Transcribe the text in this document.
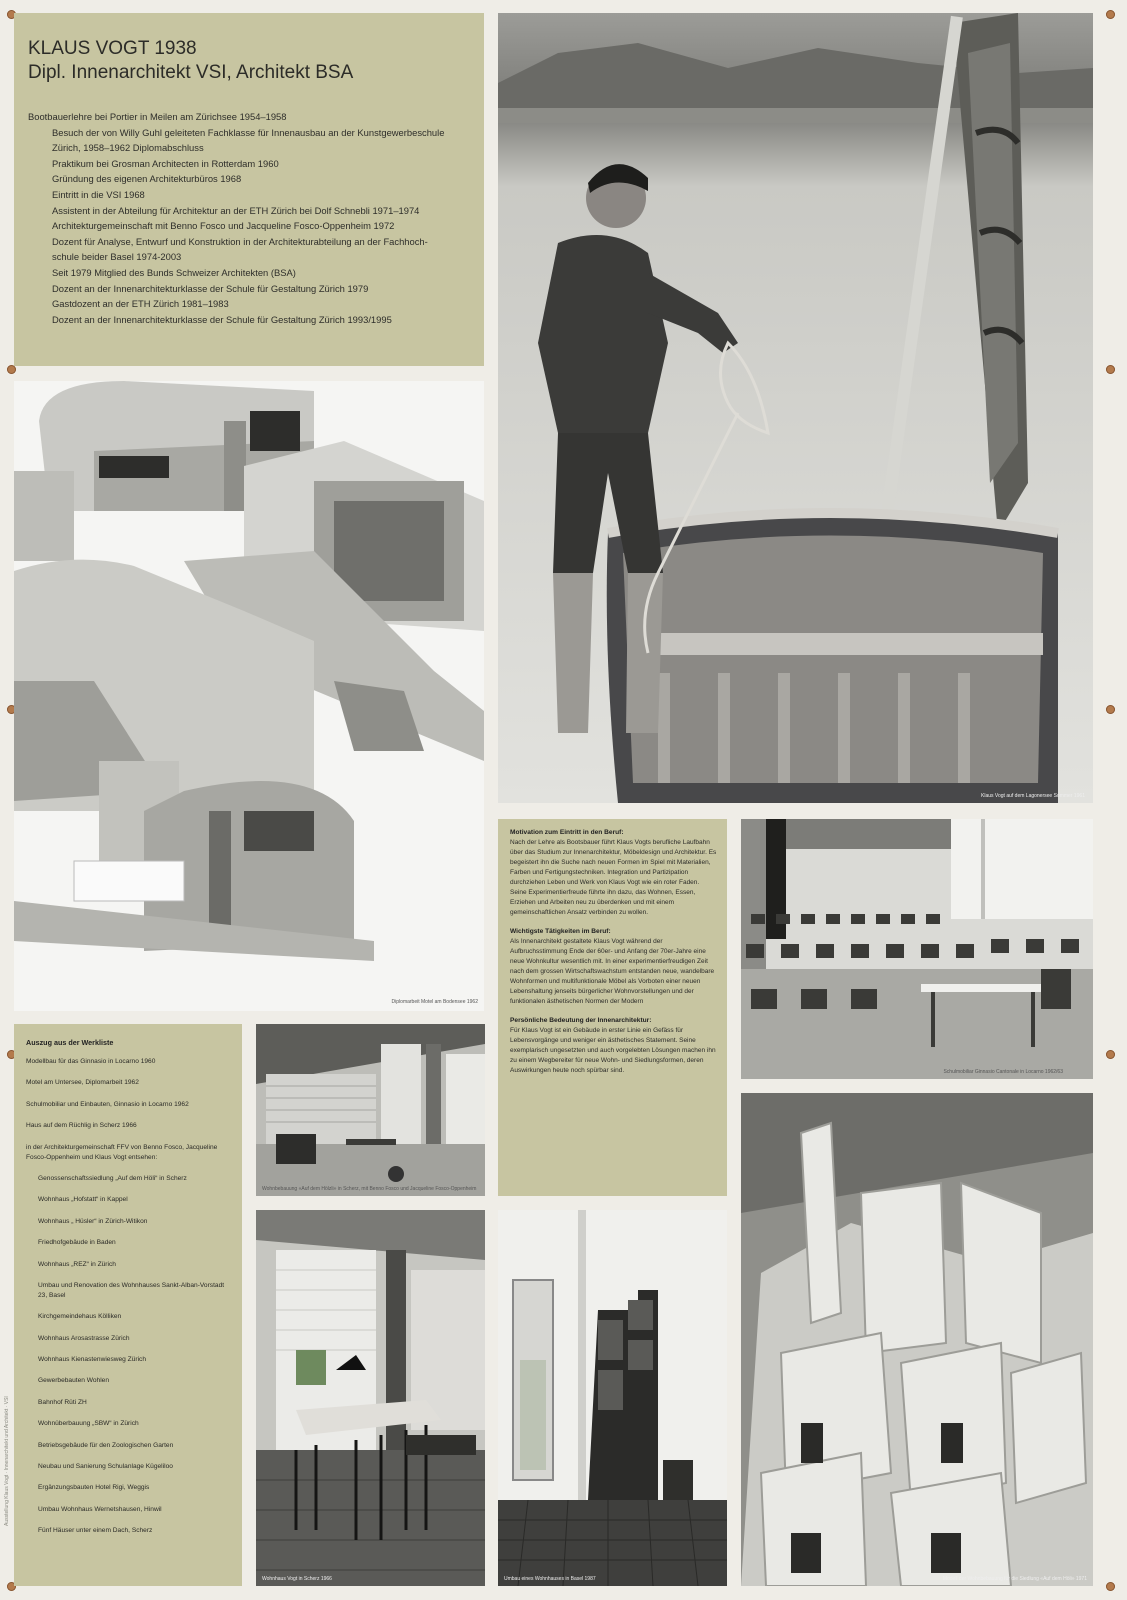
KLAUS VOGT 1938
Dipl. Innenarchitekt VSI, Architekt BSA
Bootbauerlehre bei Portier in Meilen am Zürichsee 1954–1958
Besuch der von Willy Guhl geleiteten Fachklasse für Innenausbau an der Kunstgewerbeschule
Zürich, 1958–1962 Diplomabschluss
Praktikum bei Grosman Architecten in Rotterdam 1960
Gründung des eigenen Architekturbüros 1968
Eintritt in die VSI 1968
Assistent in der Abteilung für Architektur an der ETH Zürich bei Dolf Schnebli 1971–1974
Architekturgemeinschaft mit Benno Fosco und Jacqueline Fosco-Oppenheim 1972
Dozent für Analyse, Entwurf und Konstruktion in der Architekturabteilung an der Fachhoch-
schule beider Basel 1974-2003
Seit 1979 Mitglied des Bunds Schweizer Architekten (BSA)
Dozent an der Innenarchitekturklasse der Schule für Gestaltung Zürich 1979
Gastdozent an der ETH Zürich 1981–1983
Dozent an der Innenarchitekturklasse der Schule für Gestaltung Zürich 1993/1995
Klaus Vogt auf dem Lagonersee Sommer 1961
Diplomarbeit Motel am Bodensee 1962
Motivation zum Eintritt in den Beruf:

Nach der Lehre als Bootsbauer führt Klaus Vogts berufliche Laufbahn über das Studium zur Innenarchitektur, Möbeldesign und Architektur. Es begeistert ihn die Suche nach neuen Formen im Spiel mit Materialien, Farben und Fertigungstechniken. Integration und Partizipation durchziehen Leben und Werk von Klaus Vogt wie ein roter Faden. Seine Experimentierfreude führte ihn dazu, das Wohnen, Essen, Erziehen und Arbeiten neu zu überdenken und mit einem gemeinschaftlichen Ansatz verbinden zu wollen.

Wichtigste Tätigkeiten im Beruf:

Als Innenarchitekt gestaltete Klaus Vogt während der Aufbruchsstimmung Ende der 60er- und Anfang der 70er-Jahre eine neue Wohnkultur wesentlich mit. In einer experimentierfreudigen Zeit nach dem grossen Wirtschaftswachstum entstanden neue, wandelbare Wohnformen und multifunktionale Möbel als Vorboten einer neuen Lebenshaltung jenseits bürgerlicher Wohnvorstellungen und der funktionalen ästhetischen Normen der Modern

Persönliche Bedeutung der Innenarchitektur:

Für Klaus Vogt ist ein Gebäude in erster Linie ein Gefäss für Lebensvorgänge und weniger ein ästhetisches Statement. Seine exemplarisch ungesetzten und auch vorgelebten Lösungen machen ihn zu einem Wegbereiter für neue Wohn- und Siedlungsformen, deren Auswirkungen heute noch spürbar sind.	Schulmobiliar Ginnasio Cantonale in Locarno 1962/63
Auszug aus der Werkliste
Modellbau für das Ginnasio in Locarno 1960
Motel am Untersee, Diplomarbeit 1962
Schulmobiliar und Einbauten, Ginnasio in Locarno 1962
Haus auf dem Rüchlig in Scherz 1966
in der Architekturgemeinschaft FFV von Benno Fosco, Jacqueline Fosco-Oppenheim und Klaus Vogt entsehen:
Genossenschaftssiedlung „Auf dem Höli“ in Scherz
Wohnhaus „Hofstatt“ in Kappel
Wohnhaus „ Hüsler“ in Zürich-Witikon
Friedhofgebäude in Baden
Wohnhaus „REZ“ in Zürich
Umbau und Renovation des Wohnhauses Sankt-Alban-Vorstadt 23, Basel
Kirchgemeindehaus Kölliken
Wohnhaus Arosastrasse Zürich
Wohnhaus Kienastenwiesweg Zürich
Gewerbebauten Wohlen
Bahnhof Rüti ZH
Wohnüberbauung „SBW“ in Zürich
Betriebsgebäude für den Zoologischen Garten
Neubau und Sanierung Schulanlage Kügeliloo
Ergänzungsbauten Hotel Rigi, Weggis
Umbau Wohnhaus Wernetshausen, Hinwil
Fünf Häuser unter einem Dach, Scherz
Ausstellung Klaus Vogt · Innenarchitekt und Architekt · VSI
Wohnbebauung «Auf dem Hölzli» in Scherz, mit Benno Fosco und Jacqueline Fosco-Oppenheim
Wohnhaus Vogt in Scherz 1966	Umbau eines Wohnhauses in Basel 1987	Modell der Wohnbebauung für die Siedlung «Auf dem Höli» 1971
